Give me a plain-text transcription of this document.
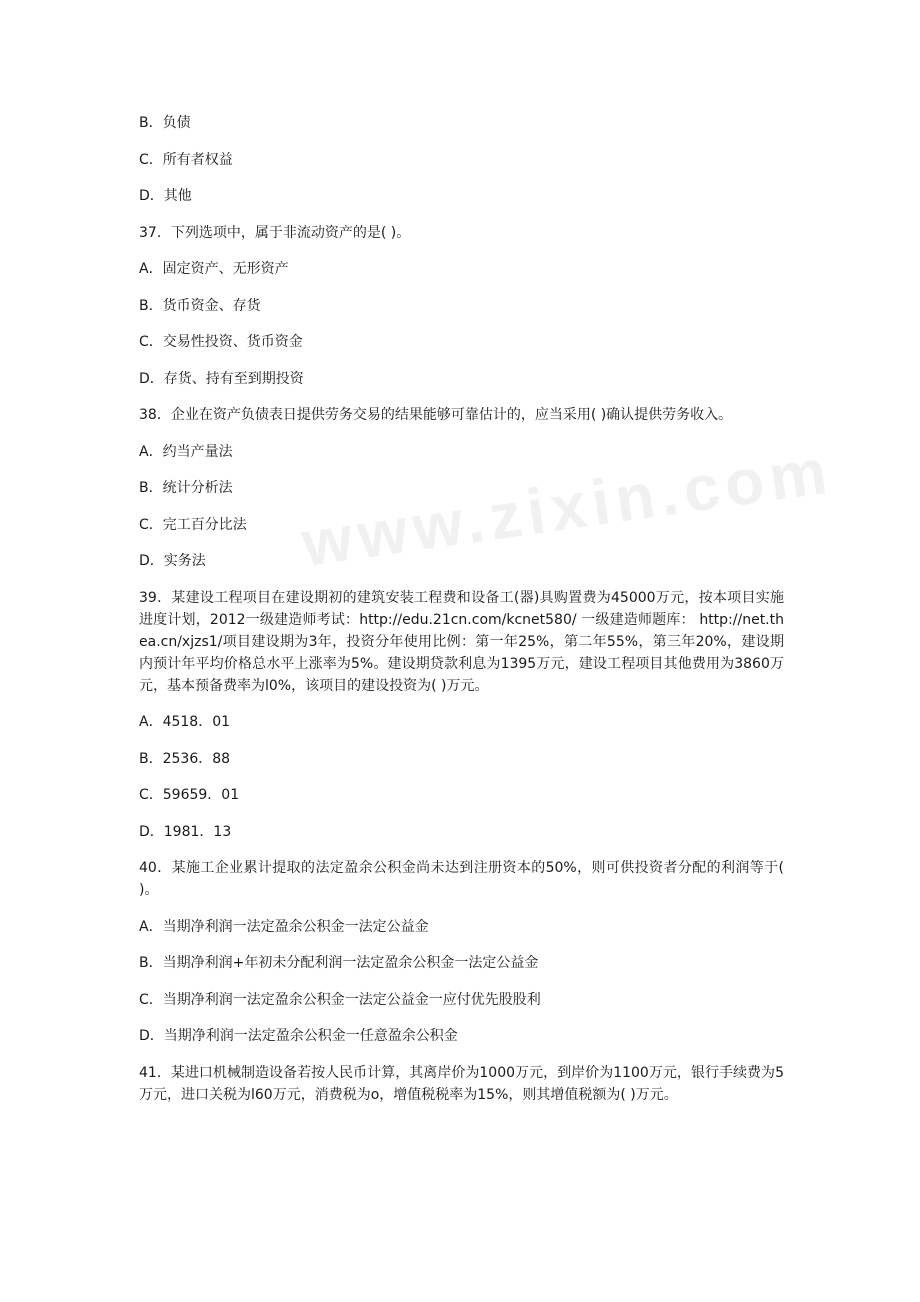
www.zixin.com
B．负债
C．所有者权益
D．其他
37．下列选项中，属于非流动资产的是( )。
A．固定资产、无形资产
B．货币资金、存货
C．交易性投资、货币资金
D．存货、持有至到期投资
38．企业在资产负债表日提供劳务交易的结果能够可靠估计的，应当采用( )确认提供劳务收入。
A．约当产量法
B．统计分析法
C．完工百分比法
D．实务法
39．某建设工程项目在建设期初的建筑安装工程费和设备工(器)具购置费为45000万元，按本项目实施进度计划，2012一级建造师考试：http://edu.21cn.com/kcnet580/ 一级建造师题库： http://net.thea.cn/xjzs1/项目建设期为3年，投资分年使用比例：第一年25%，第二年55%，第三年20%，建设期内预计年平均价格总水平上涨率为5%。建设期贷款利息为1395万元，建设工程项目其他费用为3860万元，基本预备费率为l0%，该项目的建设投资为( )万元。
A．4518．01
B．2536．88
C．59659．01
D．1981．13
40．某施工企业累计提取的法定盈余公积金尚未达到注册资本的50%，则可供投资者分配的利润等于( )。
A．当期净利润一法定盈余公积金一法定公益金
B．当期净利润+年初未分配利润一法定盈余公积金一法定公益金
C．当期净利润一法定盈余公积金一法定公益金一应付优先股股利
D．当期净利润一法定盈余公积金一任意盈余公积金
41．某进口机械制造设备若按人民币计算，其离岸价为1000万元，到岸价为1100万元，银行手续费为5万元，进口关税为l60万元，消费税为o，增值税税率为15%，则其增值税额为( )万元。
